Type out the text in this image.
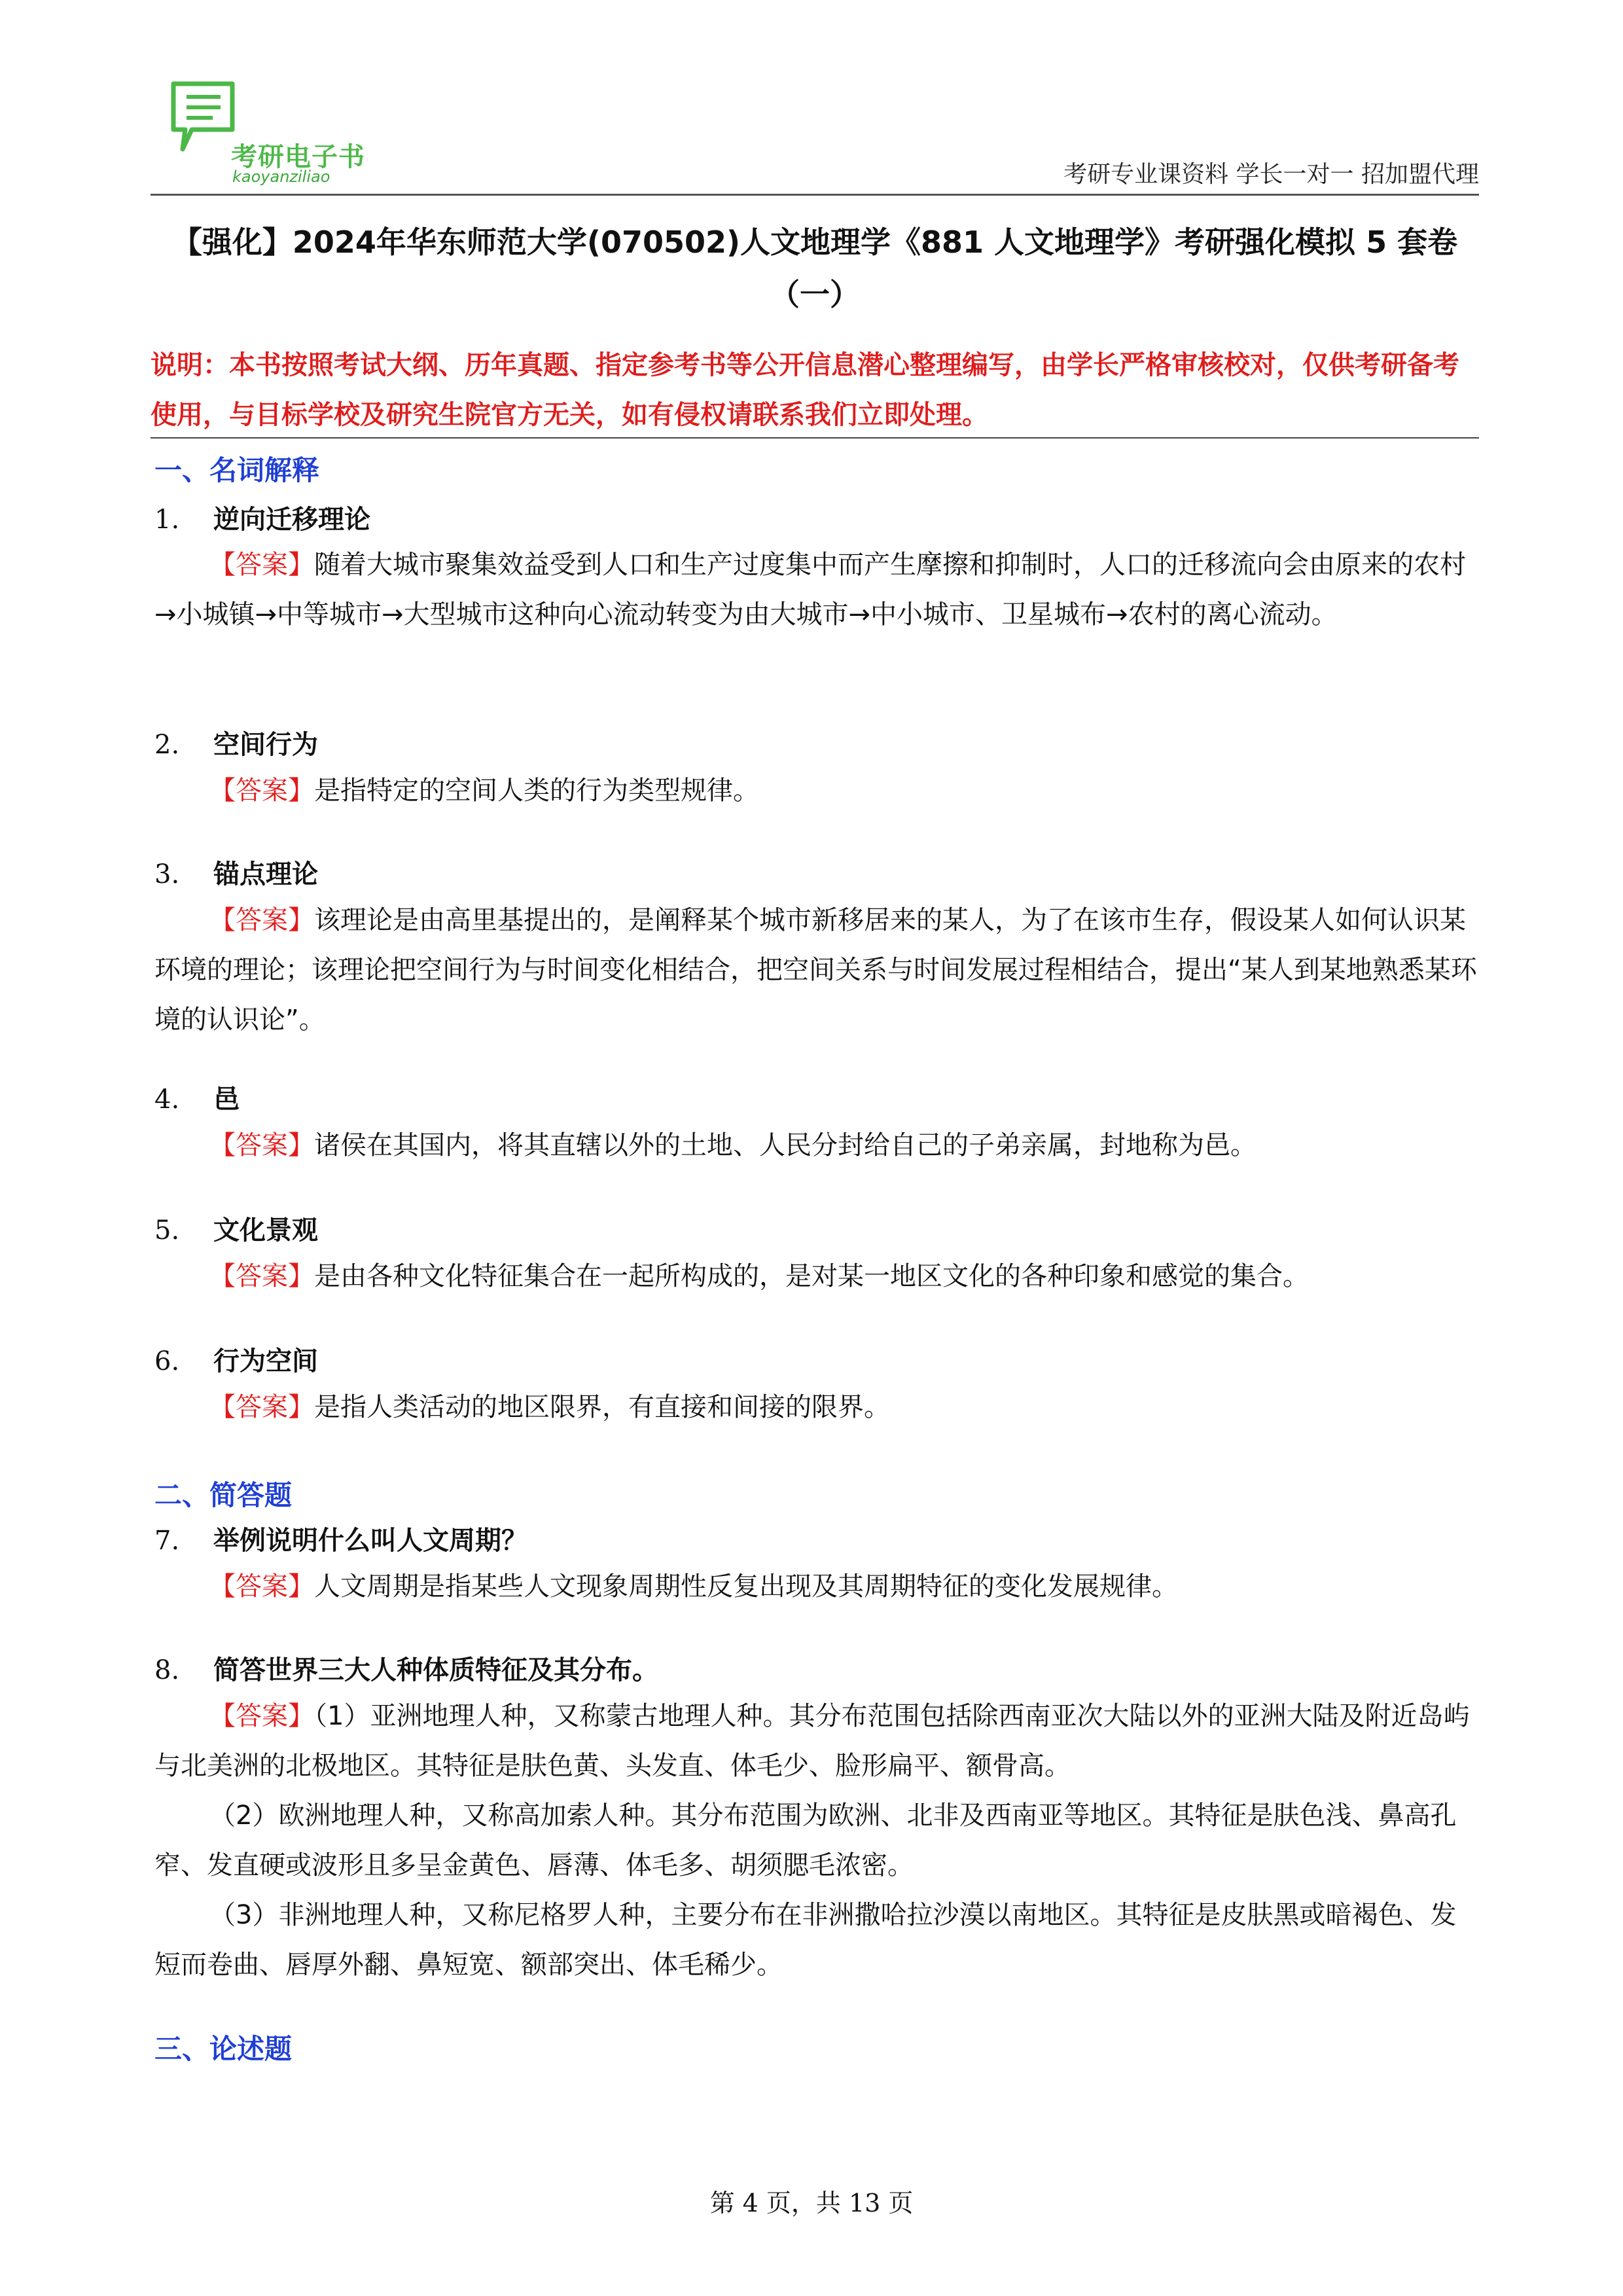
考研电子书
kaoyanziliao	考研专业课资料 学长一对一 招加盟代理
【强化】2024年华东师范大学(070502)人文地理学《881 人文地理学》考研强化模拟 5 套卷（一）
说明：本书按照考试大纲、历年真题、指定参考书等公开信息潜心整理编写，由学长严格审核校对，仅供考研备考使用，与目标学校及研究生院官方无关，如有侵权请联系我们立即处理。
一、名词解释
1. 逆向迁移理论
【答案】随着大城市聚集效益受到人口和生产过度集中而产生摩擦和抑制时，人口的迁移流向会由原来的农村→小城镇→中等城市→大型城市这种向心流动转变为由大城市→中小城市、卫星城布→农村的离心流动。
2. 空间行为
【答案】是指特定的空间人类的行为类型规律。
3. 锚点理论
【答案】该理论是由高里基提出的，是阐释某个城市新移居来的某人，为了在该市生存，假设某人如何认识某环境的理论；该理论把空间行为与时间变化相结合，把空间关系与时间发展过程相结合，提出“某人到某地熟悉某环境的认识论”。
4. 邑
【答案】诸侯在其国内，将其直辖以外的土地、人民分封给自己的子弟亲属，封地称为邑。
5. 文化景观
【答案】是由各种文化特征集合在一起所构成的，是对某一地区文化的各种印象和感觉的集合。
6. 行为空间
【答案】是指人类活动的地区限界，有直接和间接的限界。
二、简答题
7. 举例说明什么叫人文周期？
【答案】人文周期是指某些人文现象周期性反复出现及其周期特征的变化发展规律。
8. 简答世界三大人种体质特征及其分布。
【答案】（1）亚洲地理人种，又称蒙古地理人种。其分布范围包括除西南亚次大陆以外的亚洲大陆及附近岛屿与北美洲的北极地区。其特征是肤色黄、头发直、体毛少、脸形扁平、额骨高。
（2）欧洲地理人种，又称高加索人种。其分布范围为欧洲、北非及西南亚等地区。其特征是肤色浅、鼻高孔窄、发直硬或波形且多呈金黄色、唇薄、体毛多、胡须腮毛浓密。
（3）非洲地理人种，又称尼格罗人种，主要分布在非洲撒哈拉沙漠以南地区。其特征是皮肤黑或暗褐色、发短而卷曲、唇厚外翻、鼻短宽、额部突出、体毛稀少。
三、论述题
第 4 页，共 13 页
